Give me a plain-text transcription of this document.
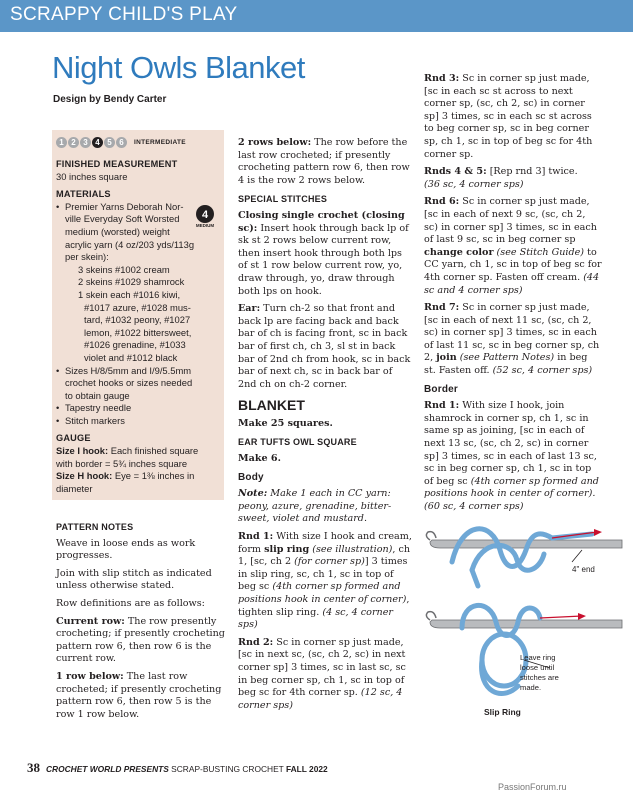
SCRAPPY CHILD'S PLAY
Night Owls Blanket
Design by Bendy Carter
1 2 3 4 5 6	INTERMEDIATE
FINISHED MEASUREMENT
30 inches square
MATERIALS
• Premier Yarns Deborah Nor-
ville Everyday Soft Worsted
medium (worsted) weight
acrylic yarn (4 oz/203 yds/113g
per skein):
3 skeins #1002 cream
2 skeins #1029 shamrock
1 skein each #1016 kiwi,
#1017 azure, #1028 mus-
tard, #1032 peony, #1027
lemon, #1022 bittersweet,
#1026 grenadine, #1033
violet and #1012 black
• Sizes H/8/5mm and I/9/5.5mm
crochet hooks or sizes needed
to obtain gauge
• Tapestry needle
• Stitch markers
GAUGE
Size I hook: Each finished square
with border = 5¾ inches square
Size H hook: Eye = 1⅜ inches in
diameter
4
MEDIUM
PATTERN NOTES

Weave in loose ends as work progresses.

Join with slip stitch as indicated unless otherwise stated.

Row definitions are as follows:

Current row: The row presently crocheting; if presently crocheting pattern row 6, then row 6 is the current row.

1 row below: The last row crocheted; if presently crocheting pattern row 6, then row 5 is the row 1 row below.

2 rows below: The row before the last row crocheted; if presently crocheting pattern row 6, then row 4 is the row 2 rows below.

SPECIAL STITCHES

Closing single crochet (closing sc): Insert hook through back lp of sk st 2 rows below current row, then insert hook through both lps of st 1 row below current row, yo, draw through, yo, draw through both lps on hook.

Ear: Turn ch-2 so that front and back lp are facing back and back bar of ch is facing front, sc in back bar of first ch, ch 3, sl st in back bar of 2nd ch from hook, sc in back bar of next ch, sc in back bar of 2nd ch on ch-2 corner.

BLANKET

Make 25 squares.

EAR TUFTS OWL SQUARE

Make 6.

Body

Note: Make 1 each in CC yarn: peony, azure, grenadine, bitter-sweet, violet and mustard.

Rnd 1: With size I hook and cream, form slip ring (see illustration), ch 1, [sc, ch 2 (for corner sp)] 3 times in slip ring, sc, ch 1, sc in top of beg sc (4th corner sp formed and positions hook in center of corner), tighten slip ring. (4 sc, 4 corner sps)

Rnd 2: Sc in corner sp just made, [sc in next sc, (sc, ch 2, sc) in next corner sp] 3 times, sc in last sc, sc in beg corner sp, ch 1, sc in top of beg sc for 4th corner sp. (12 sc, 4 corner sps)

Rnd 3: Sc in corner sp just made, [sc in each sc st across to next corner sp, (sc, ch 2, sc) in corner sp] 3 times, sc in each sc st across to beg corner sp, sc in beg corner sp, ch 1, sc in top of beg sc for 4th corner sp.

Rnds 4 & 5: [Rep rnd 3] twice.
(36 sc, 4 corner sps)

Rnd 6: Sc in corner sp just made, [sc in each of next 9 sc, (sc, ch 2, sc) in corner sp] 3 times, sc in each of last 9 sc, sc in beg corner sp change color (see Stitch Guide) to CC yarn, ch 1, sc in top of beg sc for 4th corner sp. Fasten off cream. (44 sc and 4 corner sps)

Rnd 7: Sc in corner sp just made, [sc in each of next 11 sc, (sc, ch 2, sc) in corner sp] 3 times, sc in each of last 11 sc, sc in beg corner sp, ch 2, join (see Pattern Notes) in beg st. Fasten off. (52 sc, 4 corner sps)

Border

Rnd 1: With size I hook, join shamrock in corner sp, ch 1, sc in same sp as joining, [sc in each of next 13 sc, (sc, ch 2, sc) in corner sp] 3 times, sc in each of last 13 sc, sc in beg corner sp, ch 1, sc in top of beg sc (4th corner sp formed and positions hook in center of corner). (60 sc, 4 corner sps)

4" end
Leave ring
loose until
stitches are
made.
Slip Ring
38 CROCHET WORLD PRESENTS SCRAP-BUSTING CROCHET FALL 2022
PassionForum.ru
